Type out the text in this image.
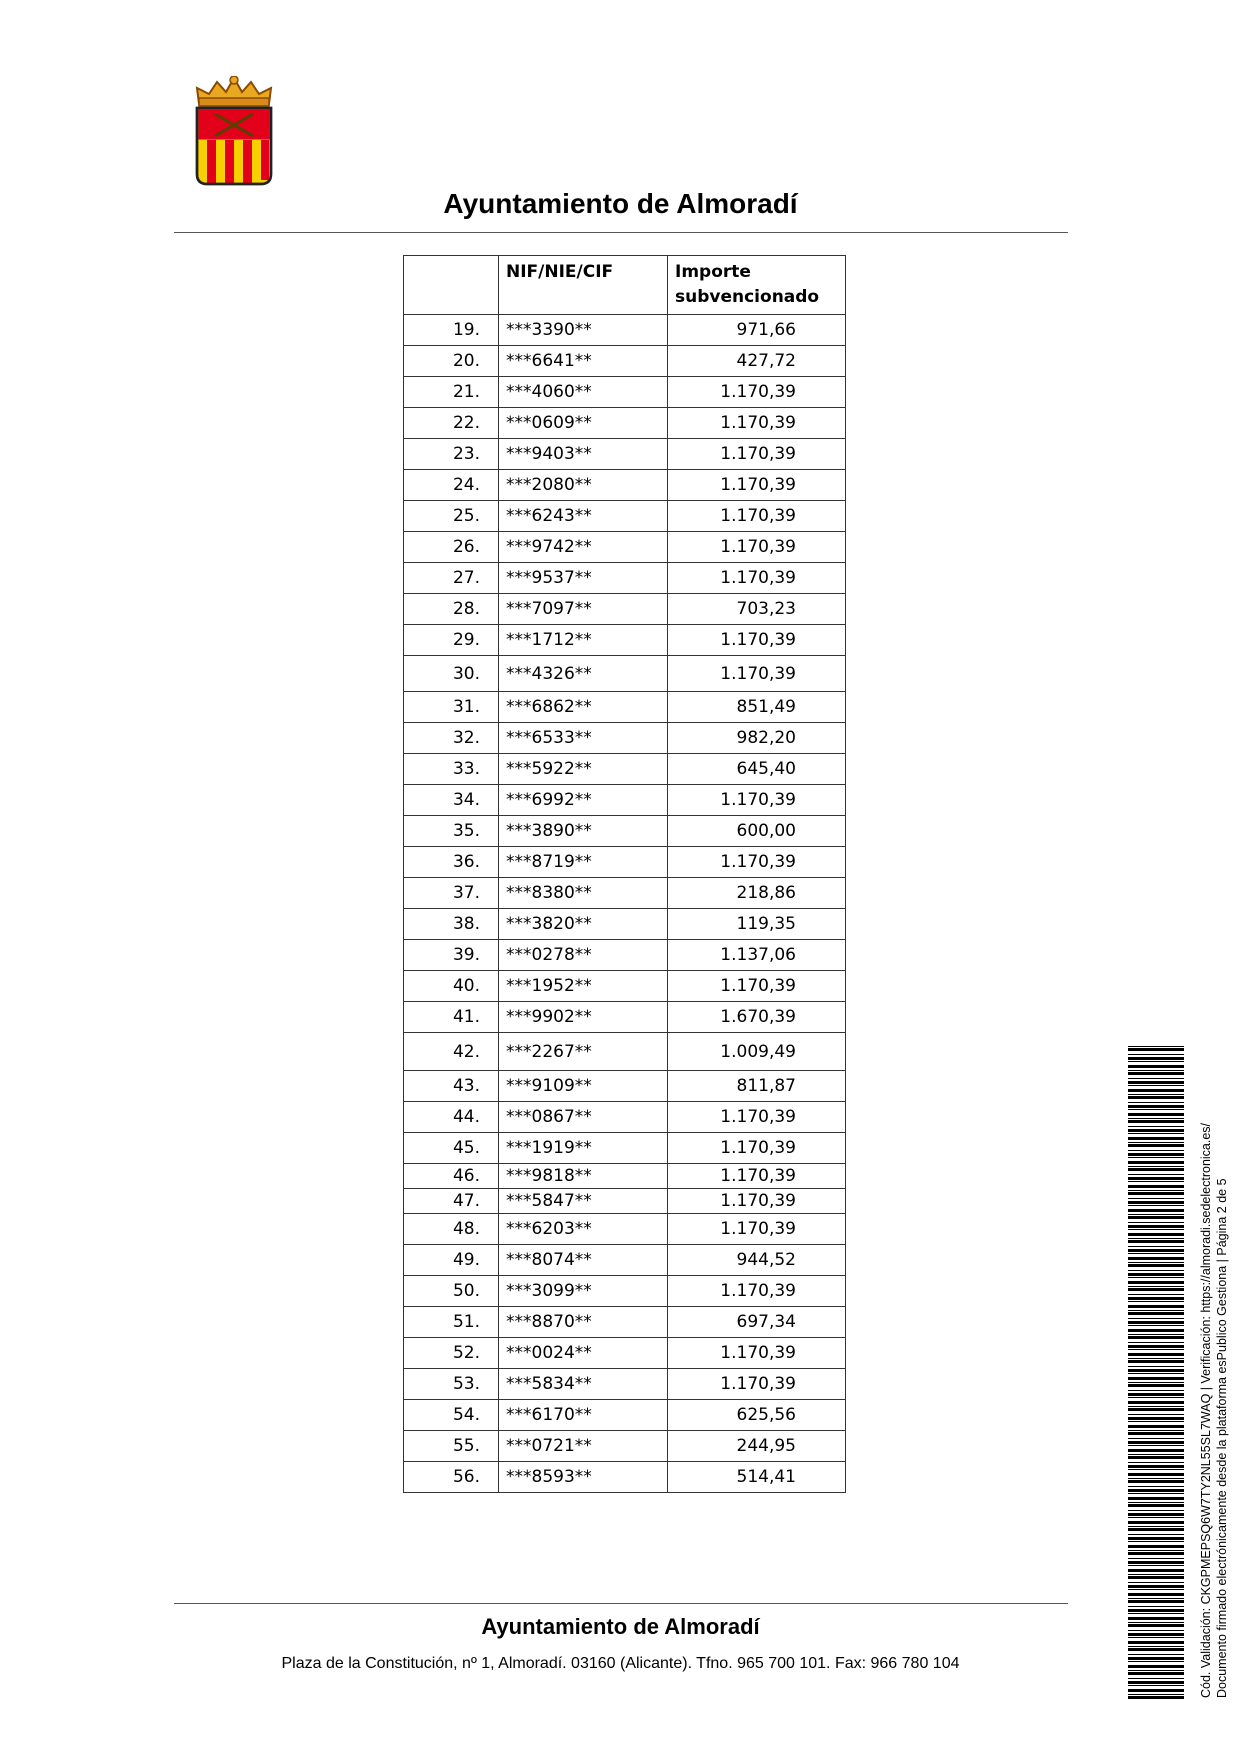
Ayuntamiento de Almoradí
	NIF/NIE/CIF	Importe subvencionado
19.	***3390**	971,66
20.	***6641**	427,72
21.	***4060**	1.170,39
22.	***0609**	1.170,39
23.	***9403**	1.170,39
24.	***2080**	1.170,39
25.	***6243**	1.170,39
26.	***9742**	1.170,39
27.	***9537**	1.170,39
28.	***7097**	703,23
29.	***1712**	1.170,39
30.	***4326**	1.170,39
31.	***6862**	851,49
32.	***6533**	982,20
33.	***5922**	645,40
34.	***6992**	1.170,39
35.	***3890**	600,00
36.	***8719**	1.170,39
37.	***8380**	218,86
38.	***3820**	119,35
39.	***0278**	1.137,06
40.	***1952**	1.170,39
41.	***9902**	1.670,39
42.	***2267**	1.009,49
43.	***9109**	811,87
44.	***0867**	1.170,39
45.	***1919**	1.170,39
46.	***9818**	1.170,39
47.	***5847**	1.170,39
48.	***6203**	1.170,39
49.	***8074**	944,52
50.	***3099**	1.170,39
51.	***8870**	697,34
52.	***0024**	1.170,39
53.	***5834**	1.170,39
54.	***6170**	625,56
55.	***0721**	244,95
56.	***8593**	514,41
Ayuntamiento de Almoradí
Plaza de la Constitución, nº 1, Almoradí. 03160 (Alicante). Tfno. 965 700 101. Fax: 966 780 104	Cód. Validación: CKGPMEPSQ6W7TY2NL55SL7WAQ | Verificación: https://almoradi.sedelectronica.es/ Documento firmado electrónicamente desde la plataforma esPublico Gestiona | Página 2 de 5
